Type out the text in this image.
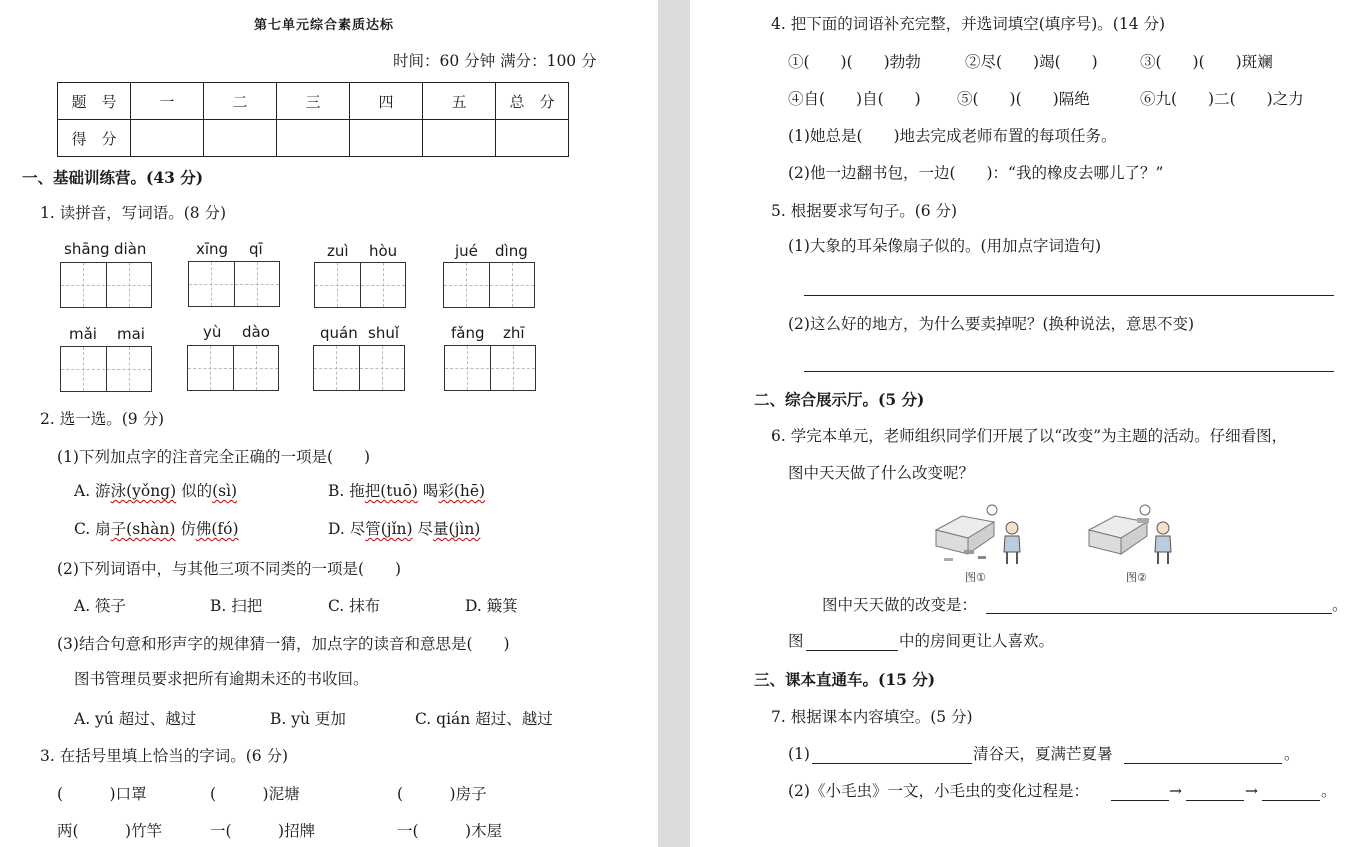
第七单元综合素质达标
时间：60 分钟 满分：100 分
题　号	一	二	三	四	五	总　分
得　分						
一、基础训练营。(43 分)
1. 读拼音，写词语。(8 分)
shāng diàn	xīng qī	zuì hòu	jué dìng
mǎi mai	yù dào	quán shuǐ	fǎng zhī
2. 选一选。(9 分)
(1)下列加点字的注音完全正确的一项是(　　)
A. 游泳(yǒng) 似的(sì)	B. 拖把(tuō) 喝彩(hē)
C. 扇子(shàn) 仿佛(fó)	D. 尽管(jǐn) 尽量(jìn)
(2)下列词语中，与其他三项不同类的一项是(　　)
A. 筷子	B. 扫把	C. 抹布	D. 簸箕
(3)结合句意和形声字的规律猜一猜，加点字的读音和意思是(　　)
图书管理员要求把所有逾期未还的书收回。
A. yú 超过、越过	B. yù 更加	C. qián 超过、越过
3. 在括号里填上恰当的字词。(6 分)
(　　　)口罩	(　　　)泥塘	(　　　)房子
两(　　　)竹竿	一(　　　)招牌	一(　　　)木屋
4. 把下面的词语补充完整，并选词填空(填序号)。(14 分)
①(　　)(　　)勃勃	②尽(　　)竭(　　)	③(　　)(　　)斑斓
④自(　　)自(　　) ⑤(　　)(　　)隔绝	⑥九(　　)二(　　)之力
(1)她总是(　　)地去完成老师布置的每项任务。
(2)他一边翻书包，一边(　　)：“我的橡皮去哪儿了？”
5. 根据要求写句子。(6 分)
(1)大象的耳朵像扇子似的。(用加点字词造句)
(2)这么好的地方，为什么要卖掉呢？(换种说法，意思不变)
二、综合展示厅。(5 分)
6. 学完本单元，老师组织同学们开展了以“改变”为主题的活动。仔细看图，
图中天天做了什么改变呢？
图①	图②
图中天天做的改变是：	。
图	中的房间更让人喜欢。
三、课本直通车。(15 分)
7. 根据课本内容填空。(5 分)
(1)	清谷天，夏满芒夏暑	。
(2)《小毛虫》一文，小毛虫的变化过程是：	→	→	。
